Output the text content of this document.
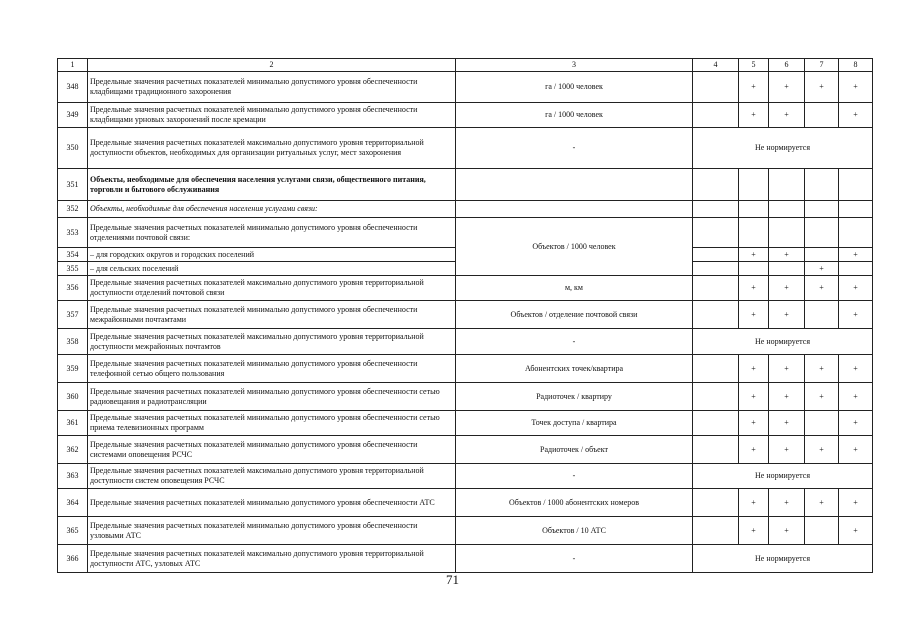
1	2	3	4	5	6	7	8
348	Предельные значения расчетных показателей минимально допустимого уровня обеспеченности кладбищами традиционного захоронения	га / 1000 человек		+	+	+	+
349	Предельные значения расчетных показателей минимально допустимого уровня обеспеченности кладбищами урновых захоронений после кремации	га / 1000 человек		+	+		+
350	Предельные значения расчетных показателей максимально допустимого уровня территориальной доступности объектов, необходимых для организации ритуальных услуг, мест захоронения	-	Не нормируется				
351	Объекты, необходимые для обеспечения населения услугами связи, общественного питания, торговли и бытового обслуживания						
352	Объекты, необходимые для обеспечения населения услугами связи:						
353	Предельные значения расчетных показателей минимально допустимого уровня обеспеченности отделениями почтовой связи:	Объектов / 1000 человек					
354	– для городских округов и городских поселений			+	+		+
355	– для сельских поселений					+	
356	Предельные значения расчетных показателей максимально допустимого уровня территориальной доступности отделений почтовой связи	м, км		+	+	+	+
357	Предельные значения расчетных показателей минимально допустимого уровня обеспеченности межрайонными почтамтами	Объектов / отделение почтовой связи		+	+		+
358	Предельные значения расчетных показателей максимально допустимого уровня территориальной доступности межрайонных почтамтов	-	Не нормируется				
359	Предельные значения расчетных показателей минимально допустимого уровня обеспеченности телефонной сетью общего пользования	Абонентских точек/квартира		+	+	+	+
360	Предельные значения расчетных показателей минимально допустимого уровня обеспеченности сетью радиовещания и радиотрансляции	Радиоточек / квартиру		+	+	+	+
361	Предельные значения расчетных показателей минимально допустимого уровня обеспеченности сетью приема телевизионных программ	Точек доступа / квартира		+	+		+
362	Предельные значения расчетных показателей минимально допустимого уровня обеспеченности системами оповещения РСЧС	Радиоточек / объект		+	+	+	+
363	Предельные значения расчетных показателей максимально допустимого уровня территориальной доступности систем оповещения РСЧС	-	Не нормируется				
364	Предельные значения расчетных показателей минимально допустимого уровня обеспеченности АТС	Объектов / 1000 абонентских номеров		+	+	+	+
365	Предельные значения расчетных показателей минимально допустимого уровня обеспеченности узловыми АТС	Объектов / 10 АТС		+	+		+
366	Предельные значения расчетных показателей максимально допустимого уровня территориальной доступности АТС, узловых АТС	-	Не нормируется				
71
